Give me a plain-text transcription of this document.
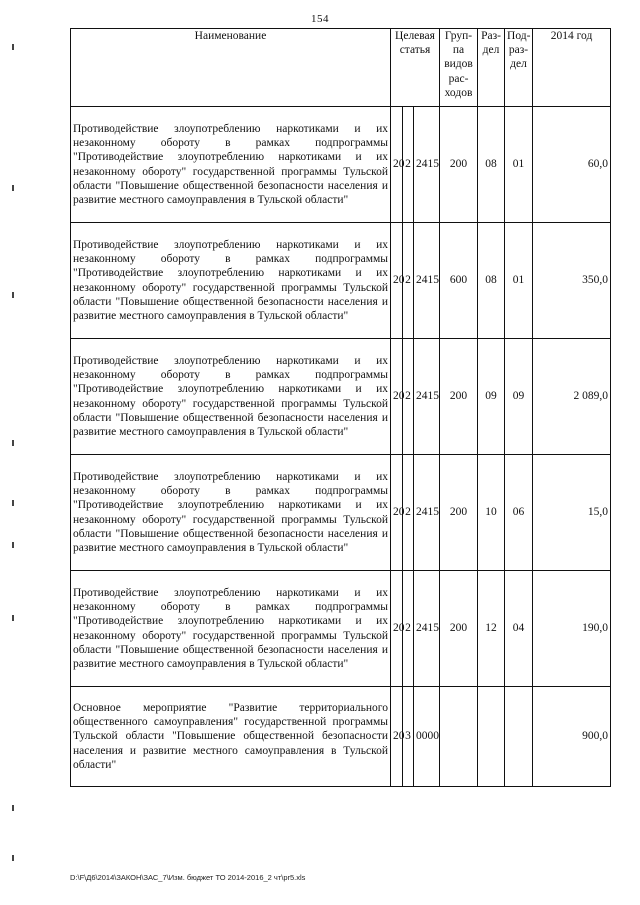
154
Наименование	Целевая статья			Груп-
па
видов
рас-
ходов	Раз-
дел	Под-
раз-
дел	2014 год
Противодействие злоупотреблению наркотиками и их незаконному обороту в рамках подпрограммы "Противодействие злоупотреблению наркотиками и их незаконному обороту" государственной программы Тульской области "Повышение общественной безопасности населения и развитие местного самоуправления в Тульской области"	20	2	2415	200	08	01	60,0
Противодействие злоупотреблению наркотиками и их незаконному обороту в рамках подпрограммы "Противодействие злоупотреблению наркотиками и их незаконному обороту" государственной программы Тульской области "Повышение общественной безопасности населения и развитие местного самоуправления в Тульской области"	20	2	2415	600	08	01	350,0
Противодействие злоупотреблению наркотиками и их незаконному обороту в рамках подпрограммы "Противодействие злоупотреблению наркотиками и их незаконному обороту" государственной программы Тульской области "Повышение общественной безопасности населения и развитие местного самоуправления в Тульской области"	20	2	2415	200	09	09	2 089,0
Противодействие злоупотреблению наркотиками и их незаконному обороту в рамках подпрограммы "Противодействие злоупотреблению наркотиками и их незаконному обороту" государственной программы Тульской области "Повышение общественной безопасности населения и развитие местного самоуправления в Тульской области"	20	2	2415	200	10	06	15,0
Противодействие злоупотреблению наркотиками и их незаконному обороту в рамках подпрограммы "Противодействие злоупотреблению наркотиками и их незаконному обороту" государственной программы Тульской области "Повышение общественной безопасности населения и развитие местного самоуправления в Тульской области"	20	2	2415	200	12	04	190,0
Основное мероприятие "Развитие территориального общественного самоуправления" государственной программы Тульской области "Повышение общественной безопасности населения и развитие местного самоуправления в Тульской области"	20	3	0000				900,0
D:\F\Д6\2014\ЗАКОН\ЗАС_7\Изм. бюджет ТО 2014-2016_2 чт\pr5.xls
